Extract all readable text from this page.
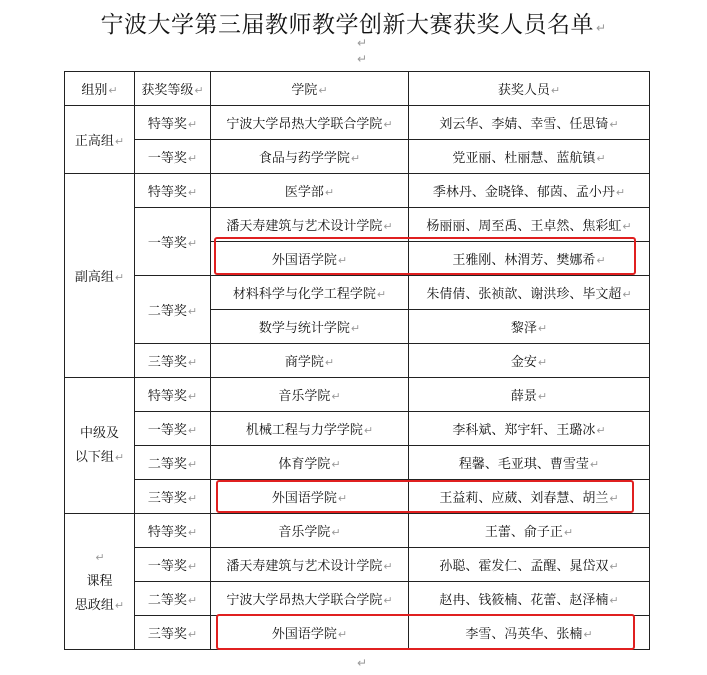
宁波大学第三届教师教学创新大赛获奖人员名单 ↵
↵
↵
组别↵	获奖等级↵	学院↵	获奖人员↵
正高组↵	特等奖↵	宁波大学昂热大学联合学院↵	刘云华、李婧、幸雪、任思锜↵
	一等奖↵	食品与药学学院↵	党亚丽、杜丽慧、蓝航镇↵
副高组↵	特等奖↵	医学部↵	季林丹、金晓锋、郁茵、孟小丹↵
	一等奖↵	潘天寿建筑与艺术设计学院↵	杨丽丽、周至禹、王卓然、焦彩虹↵
		外国语学院↵	王雅刚、林渭芳、樊娜希↵
	二等奖↵	材料科学与化学工程学院↵	朱倩倩、张祯歆、谢洪珍、毕文超↵
		数学与统计学院↵	黎泽↵
	三等奖↵	商学院↵	金安↵
中级及
以下组↵	特等奖↵	音乐学院↵	薛景↵
	一等奖↵	机械工程与力学学院↵	李科斌、郑宇轩、王璐冰↵
	二等奖↵	体育学院↵	程馨、毛亚琪、曹雪莹↵
	三等奖↵	外国语学院↵	王益莉、应葳、刘春慧、胡兰↵
↵
课程
思政组↵	特等奖↵	音乐学院↵	王蕾、俞子正↵
	一等奖↵	潘天寿建筑与艺术设计学院↵	孙聪、霍发仁、孟醒、晁岱双↵
	二等奖↵	宁波大学昂热大学联合学院↵	赵冉、钱筱楠、花蕾、赵泽楠↵
	三等奖↵	外国语学院↵	李雪、冯英华、张楠↵
↵
